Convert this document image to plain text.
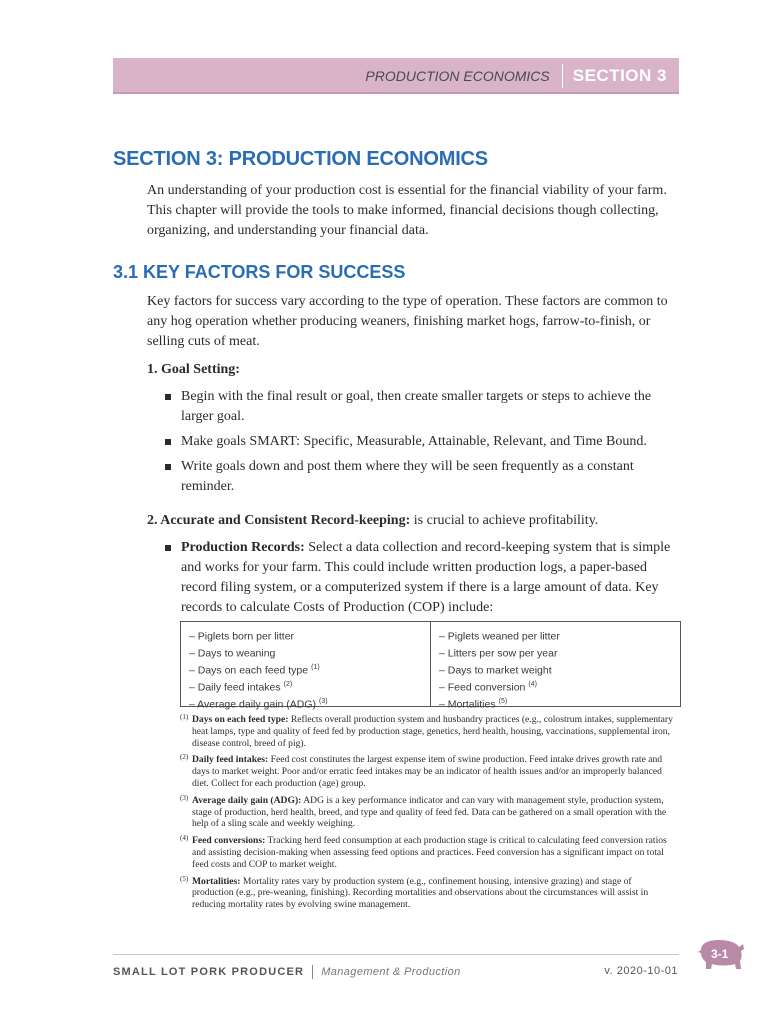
PRODUCTION ECONOMICS SECTION 3
SECTION 3: PRODUCTION ECONOMICS

An understanding of your production cost is essential for the financial viability of your farm. This chapter will provide the tools to make informed, financial decisions though collecting, organizing, and understanding your financial data.

3.1 KEY FACTORS FOR SUCCESS

Key factors for success vary according to the type of operation. These factors are common to any hog operation whether producing weaners, finishing market hogs, farrow-to-finish, or selling cuts of meat.

1. Goal Setting:
Begin with the final result or goal, then create smaller targets or steps to achieve the larger goal.
Make goals SMART: Specific, Measurable, Attainable, Relevant, and Time Bound.
Write goals down and post them where they will be seen frequently as a constant reminder.
2. Accurate and Consistent Record-keeping: is crucial to achieve profitability.
Production Records: Select a data collection and record-keeping system that is simple and works for your farm. This could include written production logs, a paper-based record filing system, or a computerized system if there is a large amount of data. Key records to calculate Costs of Production (COP) include:
– Piglets born per litter
– Days to weaning
– Days on each feed type $^{(1)}$
– Daily feed intakes $^{(2)}$
– Average daily gain (ADG) $^{(3)}$
– Piglets weaned per litter
– Litters per sow per year
– Days to market weight
– Feed conversion $^{(4)}$
– Mortalities $^{(5)}$
(1) Days on each feed type: Reflects overall production system and husbandry practices (e.g., colostrum intakes, supplementary heat lamps, type and quality of feed fed by production stage, genetics, herd health, housing, vaccinations, supplemental iron, disease control, breed of pig).
(2) Daily feed intakes: Feed cost constitutes the largest expense item of swine production. Feed intake drives growth rate and days to market weight. Poor and/or erratic feed intakes may be an indicator of health issues and/or an improperly balanced diet. Collect for each production (age) group.
(3) Average daily gain (ADG): ADG is a key performance indicator and can vary with management style, production system, stage of production, herd health, breed, and type and quality of feed fed. Data can be gathered on a small operation with the help of a sling scale and weekly weighing.
(4) Feed conversions: Tracking herd feed consumption at each production stage is critical to calculating feed conversion ratios and assisting decision-making when assessing feed options and practices. Feed conversion has a significant impact on total feed costs and COP to market weight.
(5) Mortalities: Mortality rates vary by production system (e.g., confinement housing, intensive grazing) and stage of production (e.g., pre-weaning, finishing). Recording mortalities and observations about the circumstances will assist in reducing mortality rates by evolving swine management.
SMALL LOT PORK PRODUCER Management & Production	v. 2020-10-01
3-1
